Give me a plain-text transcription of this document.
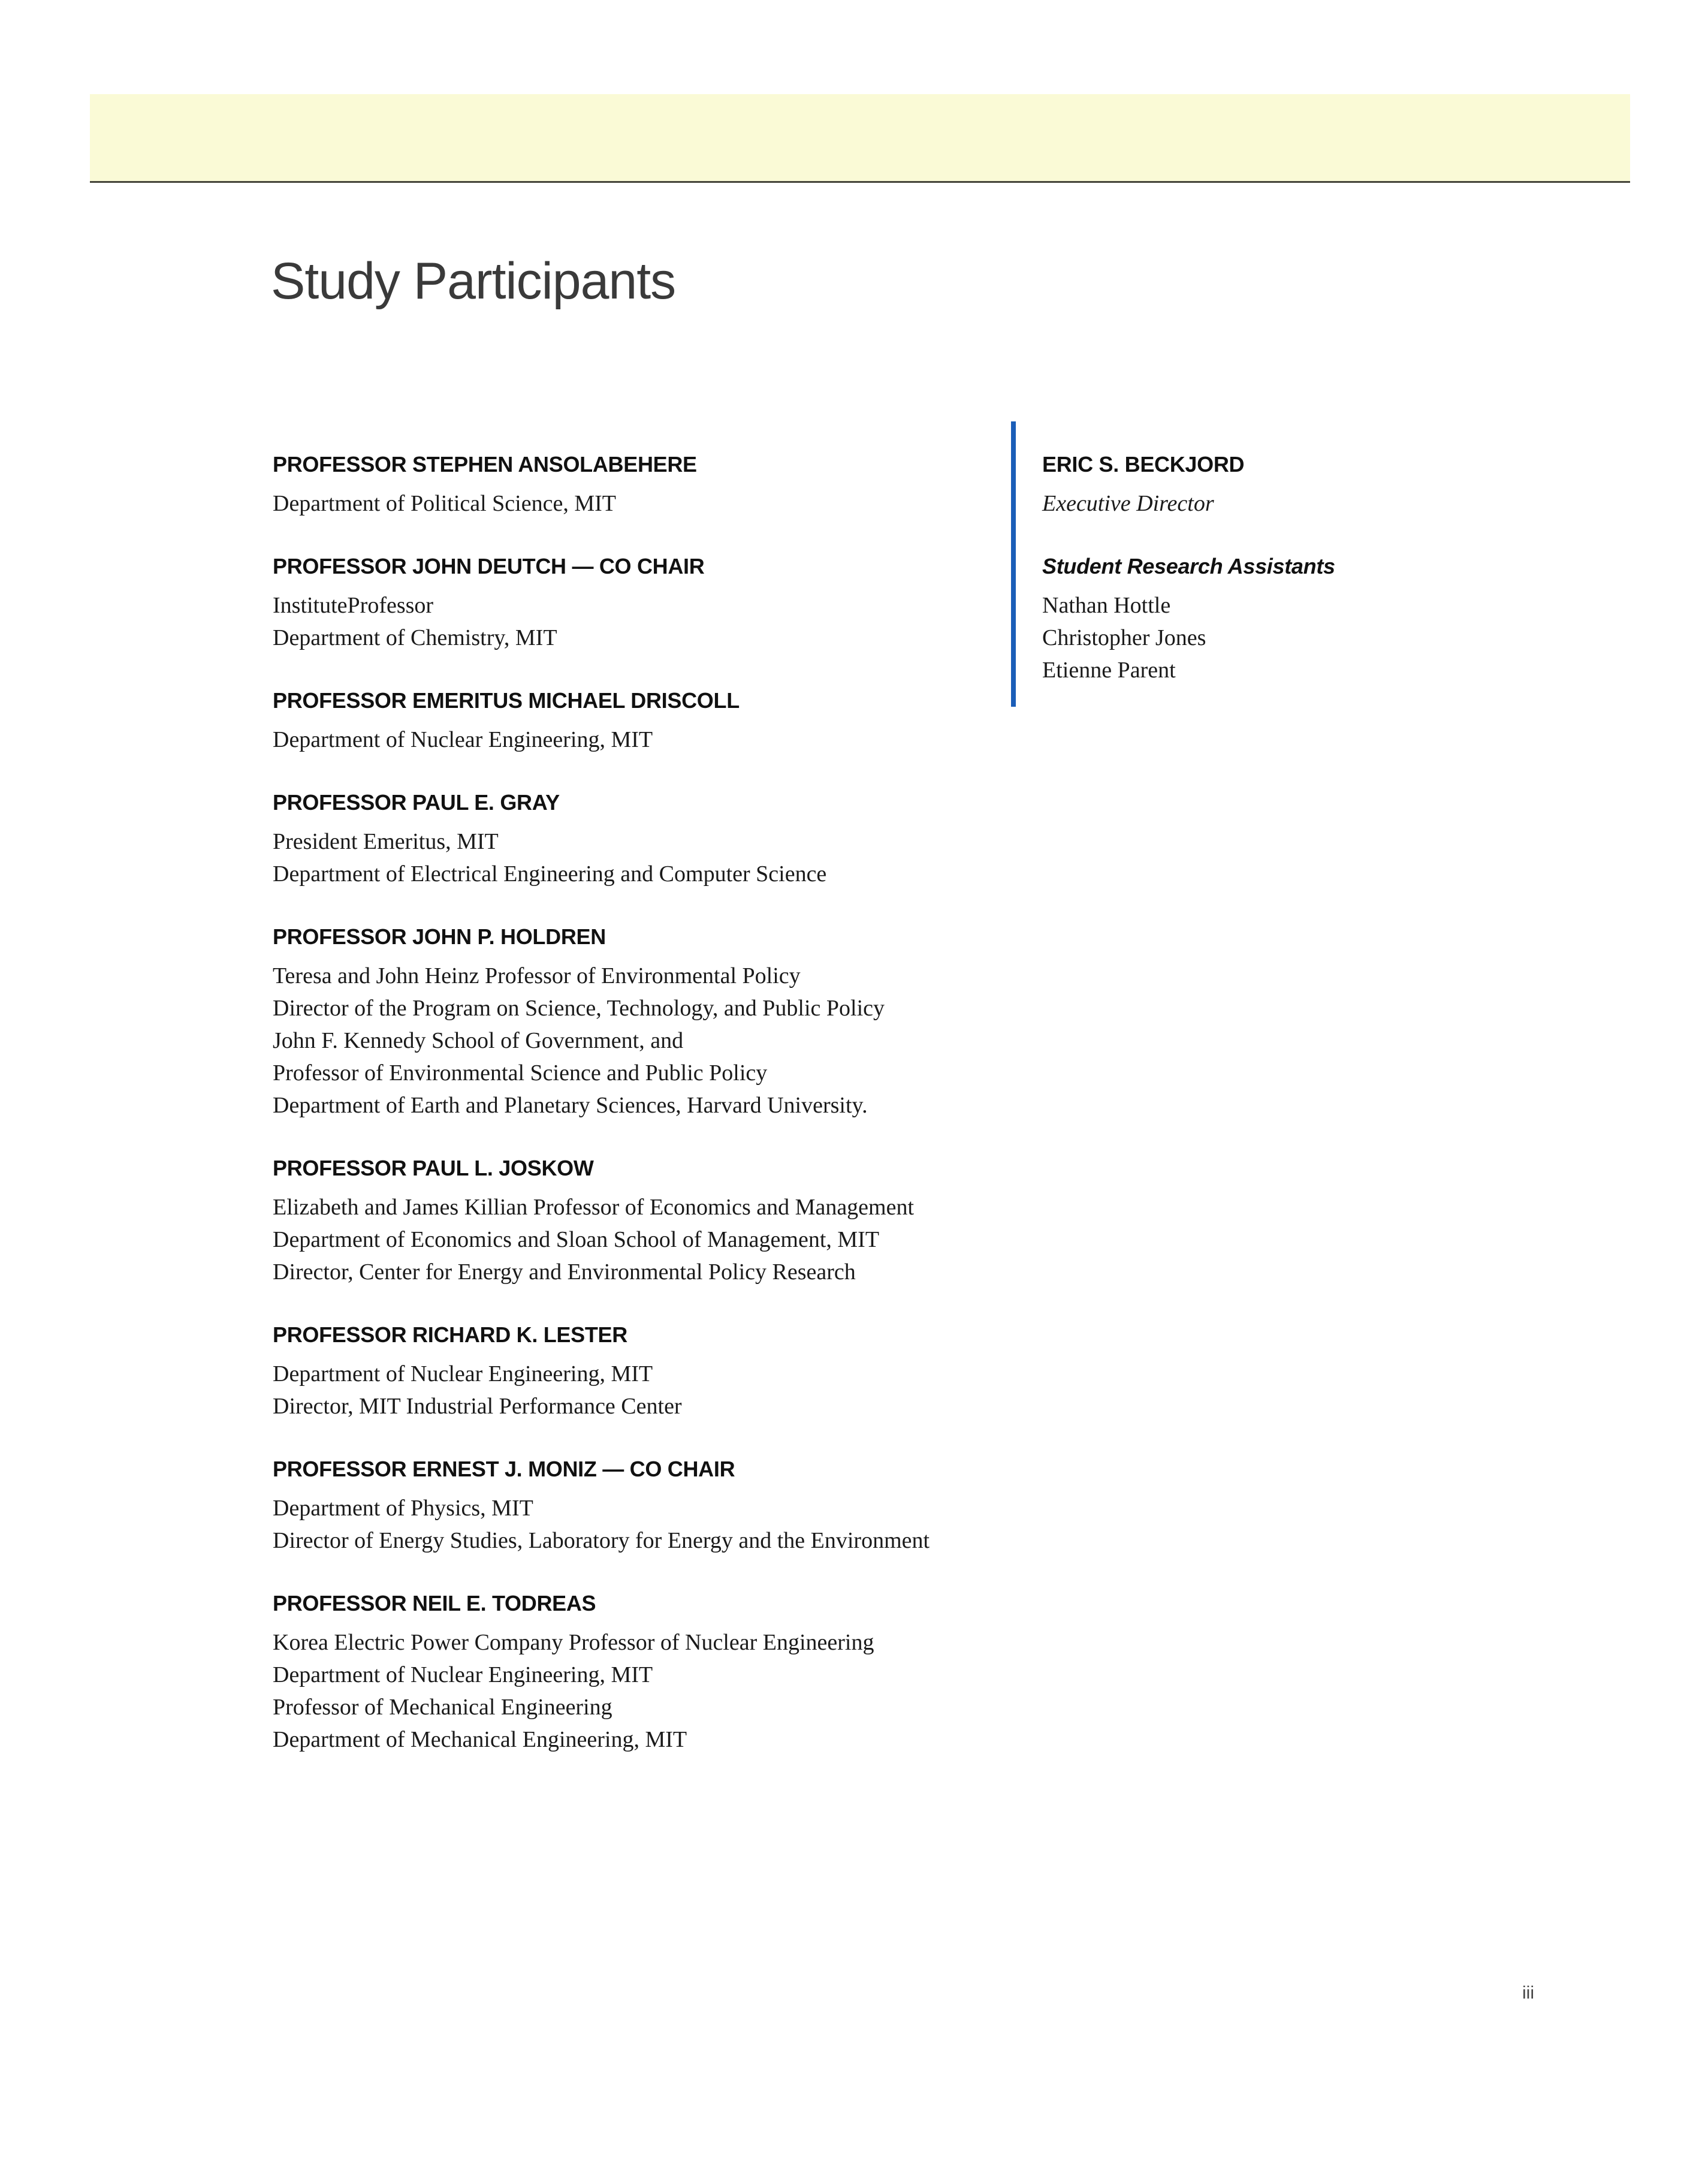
Study Participants
PROFESSOR STEPHEN ANSOLABEHERE

Department of Political Science, MIT

PROFESSOR JOHN DEUTCH — CO CHAIR

InstituteProfessor

Department of Chemistry, MIT

PROFESSOR EMERITUS MICHAEL DRISCOLL

Department of Nuclear Engineering, MIT

PROFESSOR PAUL E. GRAY

President Emeritus, MIT

Department of Electrical Engineering and Computer Science

PROFESSOR JOHN P. HOLDREN

Teresa and John Heinz Professor of Environmental Policy

Director of the Program on Science, Technology, and Public Policy

John F. Kennedy School of Government, and

Professor of Environmental Science and Public Policy

Department of Earth and Planetary Sciences, Harvard University.

PROFESSOR PAUL L. JOSKOW

Elizabeth and James Killian Professor of Economics and Management

Department of Economics and Sloan School of Management, MIT

Director, Center for Energy and Environmental Policy Research

PROFESSOR RICHARD K. LESTER

Department of Nuclear Engineering, MIT

Director, MIT Industrial Performance Center

PROFESSOR ERNEST J. MONIZ — CO CHAIR

Department of Physics, MIT

Director of Energy Studies, Laboratory for Energy and the Environment

PROFESSOR NEIL E. TODREAS

Korea Electric Power Company Professor of Nuclear Engineering

Department of Nuclear Engineering, MIT

Professor of Mechanical Engineering

Department of Mechanical Engineering, MIT

ERIC S. BECKJORD

Executive Director

Student Research Assistants

Nathan Hottle

Christopher Jones

Etienne Parent

iii
